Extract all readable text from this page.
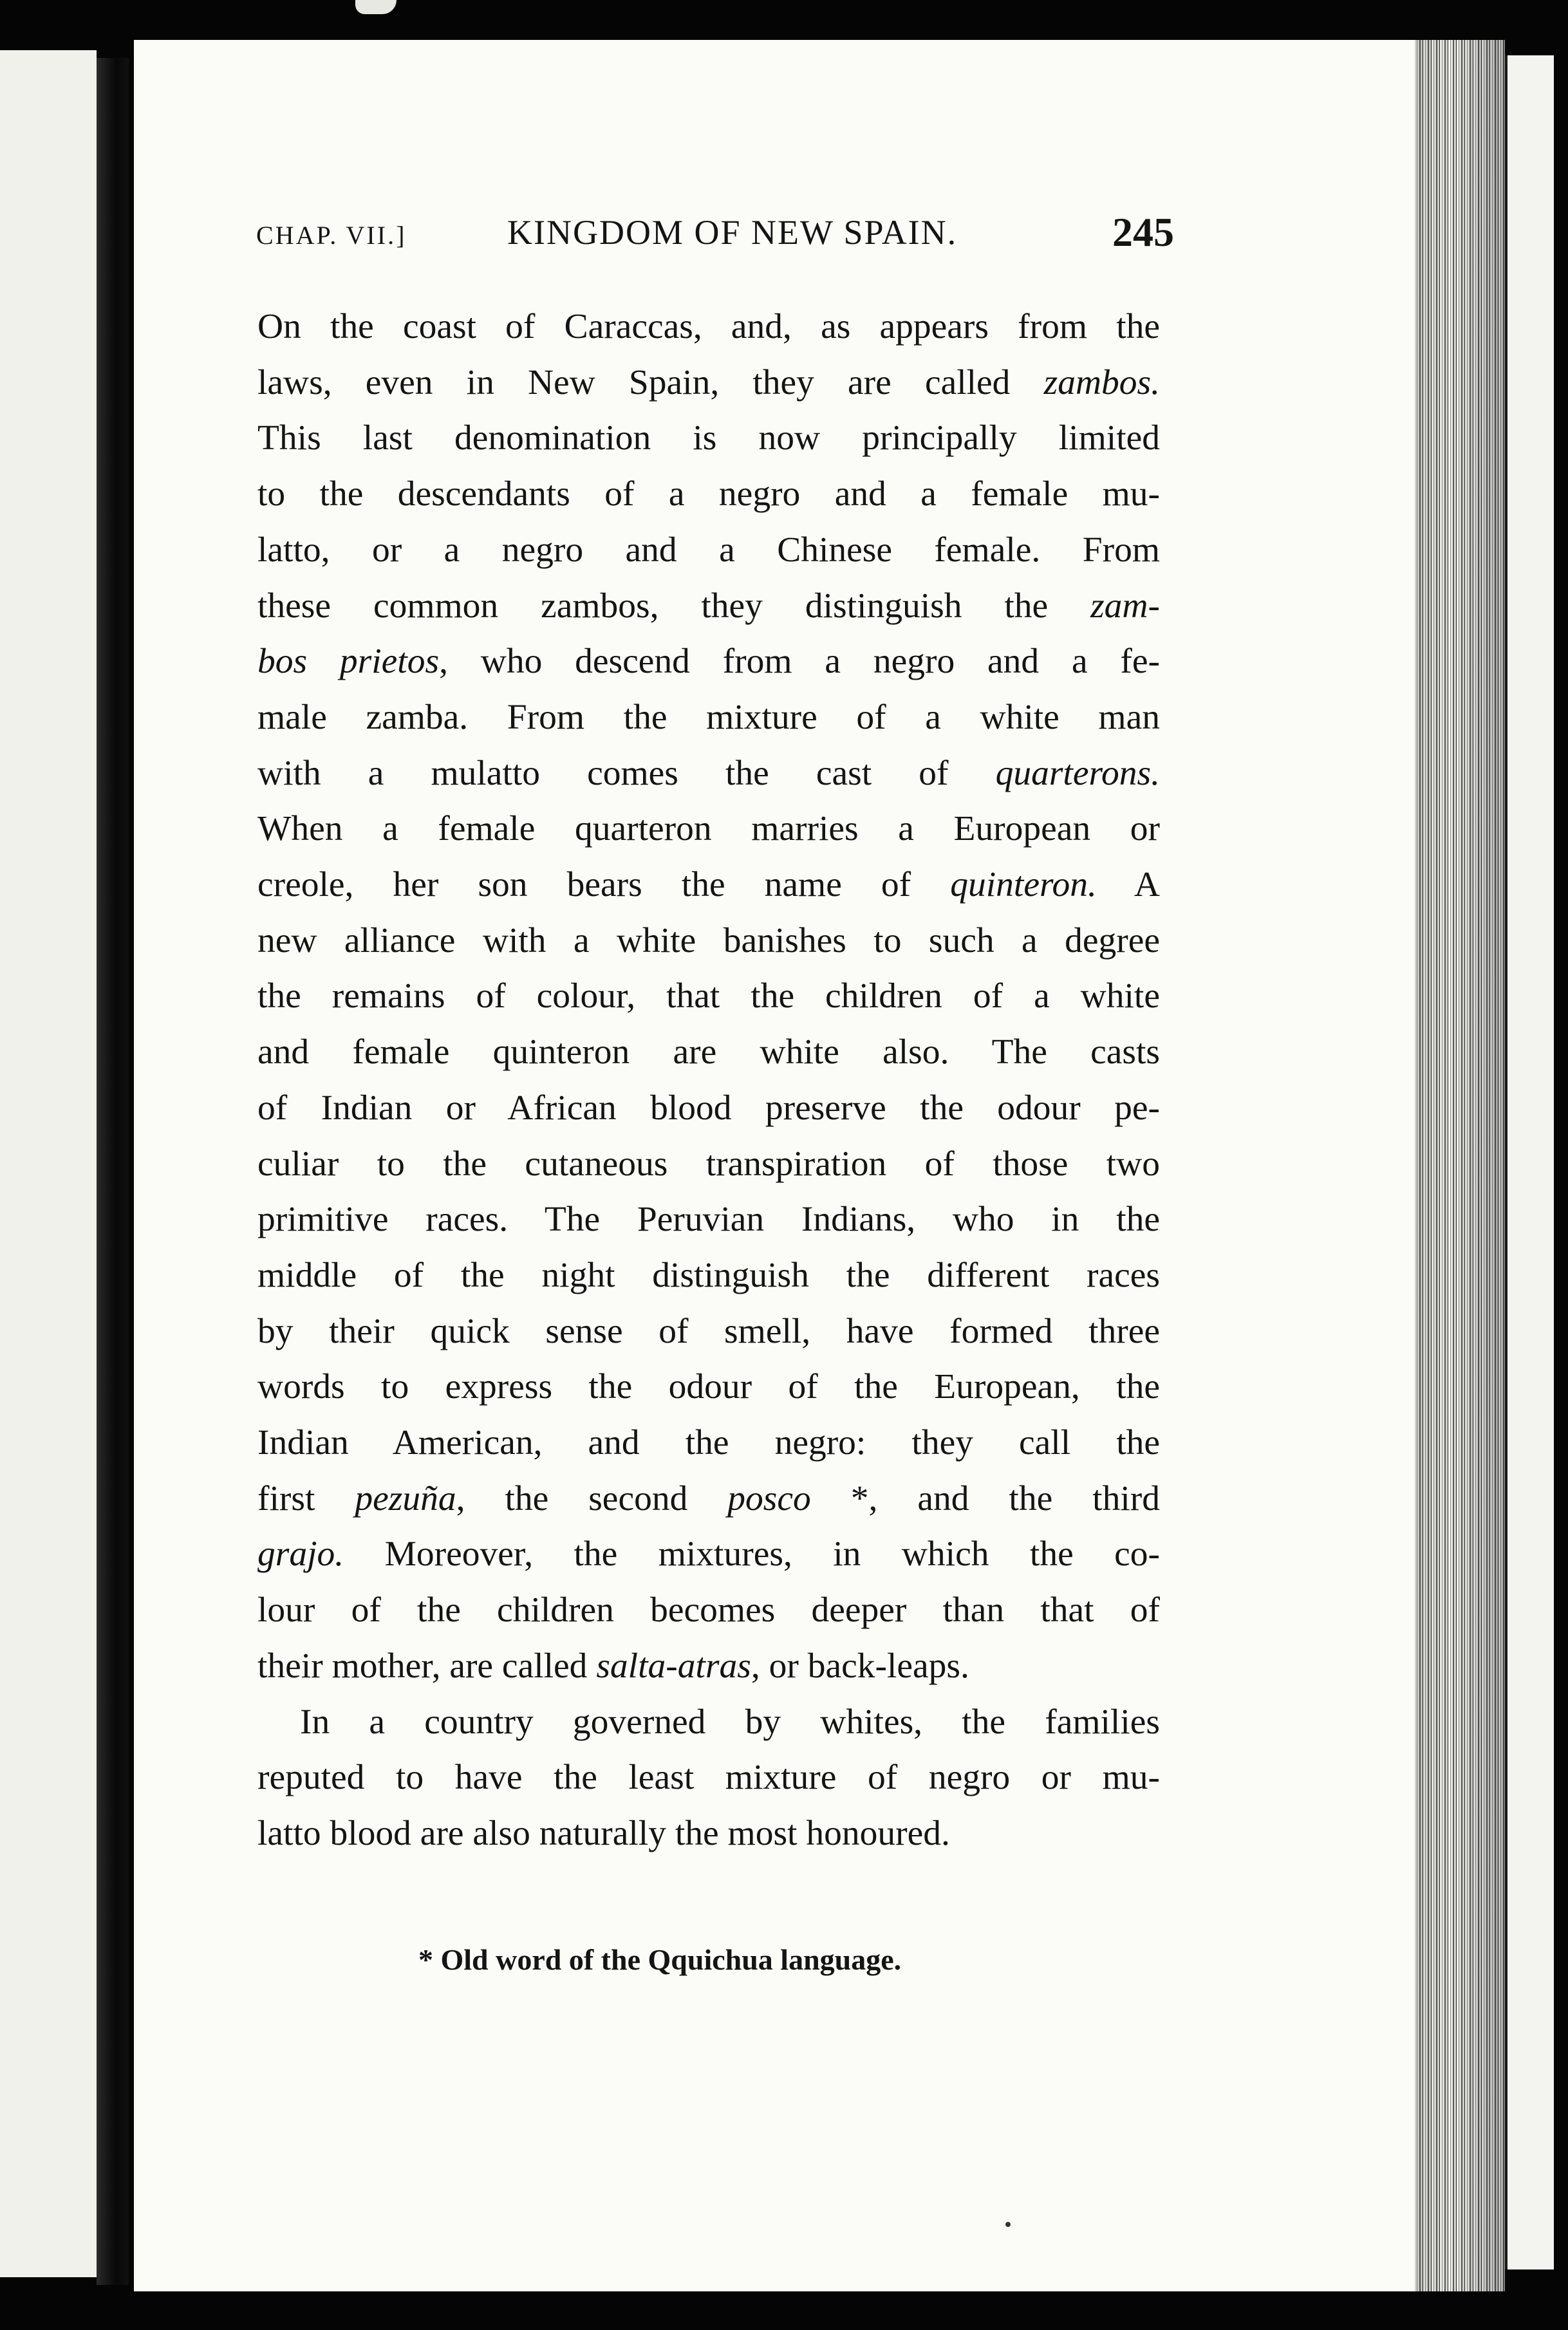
CHAP. VII.]	KINGDOM OF NEW SPAIN.	245
On the coast of Caraccas, and, as appears from the
laws, even in New Spain, they are called zambos.
This last denomination is now principally limited
to the descendants of a negro and a female mu-
latto, or a negro and a Chinese female. From
these common zambos, they distinguish the zam-
bos prietos, who descend from a negro and a fe-
male zamba. From the mixture of a white man
with a mulatto comes the cast of quarterons.
When a female quarteron marries a European or
creole, her son bears the name of quinteron. A
new alliance with a white banishes to such a degree
the remains of colour, that the children of a white
and female quinteron are white also. The casts
of Indian or African blood preserve the odour pe-
culiar to the cutaneous transpiration of those two
primitive races. The Peruvian Indians, who in the
middle of the night distinguish the different races
by their quick sense of smell, have formed three
words to express the odour of the European, the
Indian American, and the negro: they call the
first pezuña, the second posco *, and the third
grajo. Moreover, the mixtures, in which the co-
lour of the children becomes deeper than that of
their mother, are called salta-atras, or back-leaps.
In a country governed by whites, the families
reputed to have the least mixture of negro or mu-
latto blood are also naturally the most honoured.
* Old word of the Qquichua language.
